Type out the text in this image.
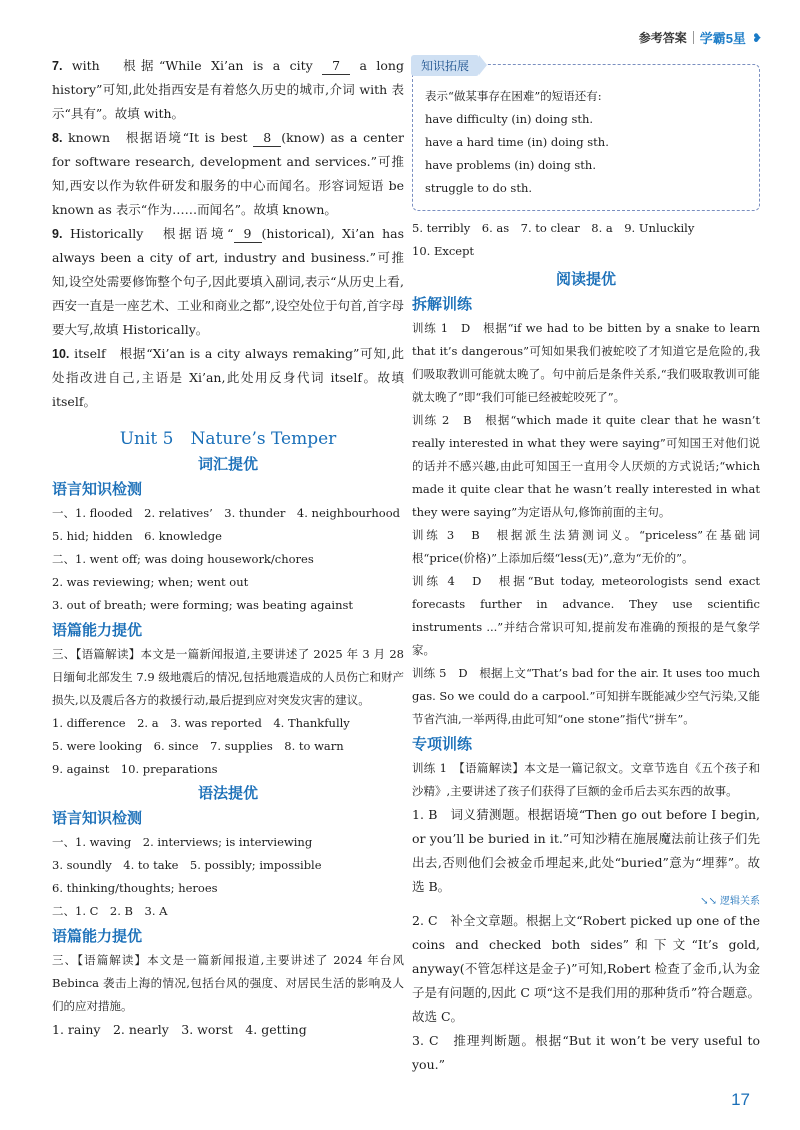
参考答案 学霸5星 ❥
7. with　 根据“While Xi’an is a city 7 a long history”可知,此处指西安是有着悠久历史的城市,介词 with 表示“具有”。故填 with。
8. known　 根据语境“It is best 8 (know) as a center for software research, development and services.”可推知,西安以作为软件研发和服务的中心而闻名。形容词短语 be known as 表示“作为……而闻名”。故填 known。
9. Historically　 根据语境“ 9 (historical), Xi’an has always been a city of art, industry and business.”可推知,设空处需要修饰整个句子,因此要填入副词,表示“从历史上看,西安一直是一座艺术、工业和商业之都”,设空处位于句首,首字母要大写,故填 Historically。
10. itself　 根据“Xi’an is a city always remaking”可知,此处指改进自己,主语是 Xi’an,此处用反身代词 itself。故填 itself。
Unit 5　Nature’s Temper
词汇提优
语言知识检测
一、1. flooded　2. relatives’　3. thunder　4. neighbourhood
5. hid; hidden　6. knowledge
二、1. went off; was doing housework/chores
2. was reviewing; when; went out
3. out of breath; were forming; was beating against
语篇能力提优
三、【语篇解读】本文是一篇新闻报道,主要讲述了 2025 年 3 月 28 日缅甸北部发生 7.9 级地震后的情况,包括地震造成的人员伤亡和财产损失,以及震后各方的救援行动,最后提到应对突发灾害的建议。
1. difference　2. a　3. was reported　4. Thankfully
5. were looking　6. since　7. supplies　8. to warn
9. against　10. preparations
语法提优
语言知识检测
一、1. waving　2. interviews; is interviewing
3. soundly　4. to take　5. possibly; impossible
6. thinking/thoughts; heroes
二、1. C　2. B　3. A
语篇能力提优
三、【语篇解读】本文是一篇新闻报道,主要讲述了 2024 年台风 Bebinca 袭击上海的情况,包括台风的强度、对居民生活的影响及人们的应对措施。
1. rainy　2. nearly　3. worst　4. getting
知识拓展
表示“做某事存在困难”的短语还有:
have difficulty (in) doing sth.
have a hard time (in) doing sth.
have problems (in) doing sth.
struggle to do sth.
5. terribly　6. as　7. to clear　8. a　9. Unluckily
10. Except
阅读提优
拆解训练
训练 1　D　根据“if we had to be bitten by a snake to learn that it’s dangerous”可知如果我们被蛇咬了才知道它是危险的,我们吸取教训可能就太晚了。句中前后是条件关系,“我们吸取教训可能就太晚了”即“我们可能已经被蛇咬死了”。
训练 2　B　根据“which made it quite clear that he wasn’t really interested in what they were saying”可知国王对他们说的话并不感兴趣,由此可知国王一直用令人厌烦的方式说话;“which made it quite clear that he wasn’t really interested in what they were saying”为定语从句,修饰前面的主句。
训练 3　B　根据派生法猜测词义。“priceless”在基础词根“price(价格)”上添加后缀“less(无)”,意为“无价的”。
训练 4　D　根据“But today, meteorologists send exact forecasts further in advance. They use scientific instruments ...”并结合常识可知,提前发布准确的预报的是气象学家。
训练 5　D　根据上文“That’s bad for the air. It uses too much gas. So we could do a carpool.”可知拼车既能减少空气污染,又能节省汽油,一举两得,由此可知“one stone”指代“拼车”。
专项训练
训练 1　【语篇解读】本文是一篇记叙文。文章节选自《五个孩子和沙精》,主要讲述了孩子们获得了巨额的金币后去买东西的故事。
1. B　词义猜测题。根据语境“Then go out before I begin, or you’ll be buried in it.”可知沙精在施展魔法前让孩子们先出去,否则他们会被金币埋起来,此处“buried”意为“埋葬”。故选 B。
↘↘ 逻辑关系
2. C　补全文章题。根据上文“Robert picked up one of the coins and checked both sides”和下文“It’s gold, anyway(不管怎样这是金子)”可知,Robert 检查了金币,认为金子是有问题的,因此 C 项“这不是我们用的那种货币”符合题意。故选 C。
3. C　推理判断题。根据“But it won’t be very useful to you.”
17
